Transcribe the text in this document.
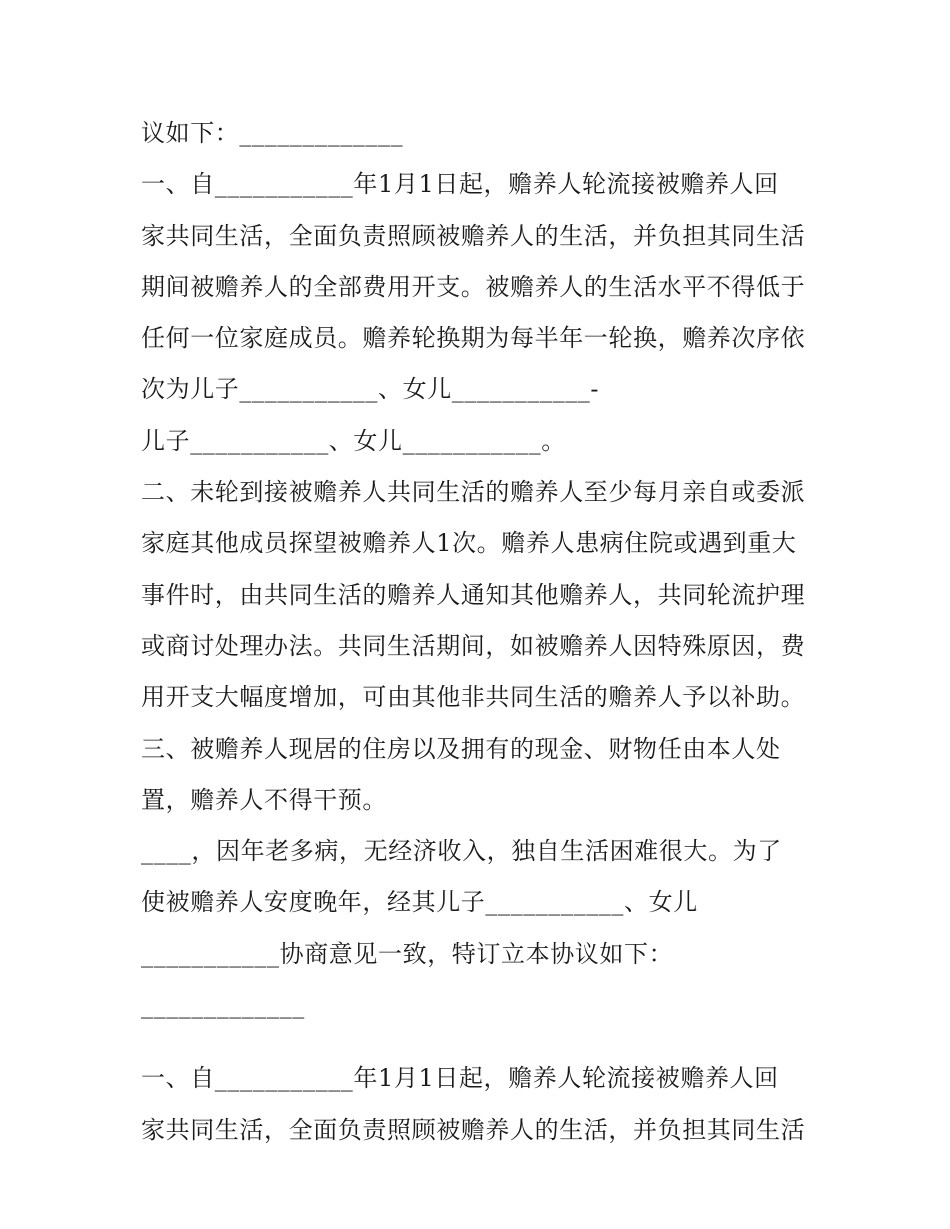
议如下：_____________
一、自___________年1月1日起，赡养人轮流接被赡养人回
家共同生活，全面负责照顾被赡养人的生活，并负担其同生活
期间被赡养人的全部费用开支。被赡养人的生活水平不得低于
任何一位家庭成员。赡养轮换期为每半年一轮换，赡养次序依
次为儿子___________、女儿___________-
儿子___________、女儿___________。
二、未轮到接被赡养人共同生活的赡养人至少每月亲自或委派
家庭其他成员探望被赡养人1次。赡养人患病住院或遇到重大
事件时，由共同生活的赡养人通知其他赡养人，共同轮流护理
或商讨处理办法。共同生活期间，如被赡养人因特殊原因，费
用开支大幅度增加，可由其他非共同生活的赡养人予以补助。
三、被赡养人现居的住房以及拥有的现金、财物任由本人处
置，赡养人不得干预。
____，因年老多病，无经济收入，独自生活困难很大。为了
使被赡养人安度晚年，经其儿子___________、女儿
___________协商意见一致，特订立本协议如下：
_____________
一、自___________年1月1日起，赡养人轮流接被赡养人回
家共同生活，全面负责照顾被赡养人的生活，并负担其同生活
